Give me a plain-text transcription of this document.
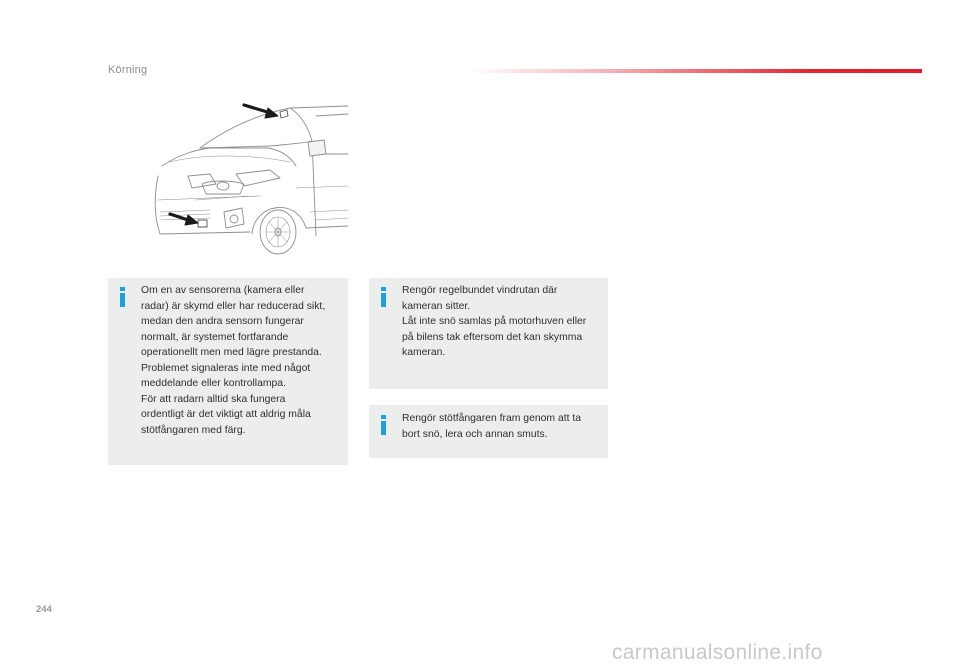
Körning
Om en av sensorerna (kamera eller
radar) är skymd eller har reducerad sikt,
medan den andra sensorn fungerar
normalt, är systemet fortfarande
operationellt men med lägre prestanda.
Problemet signaleras inte med något
meddelande eller kontrollampa.
För att radarn alltid ska fungera
ordentligt är det viktigt att aldrig måla
stötfångaren med färg.
Rengör regelbundet vindrutan där
kameran sitter.
Låt inte snö samlas på motorhuven eller
på bilens tak eftersom det kan skymma
kameran.
Rengör stötfångaren fram genom att ta
bort snö, lera och annan smuts.
244
carmanualsonline.info
